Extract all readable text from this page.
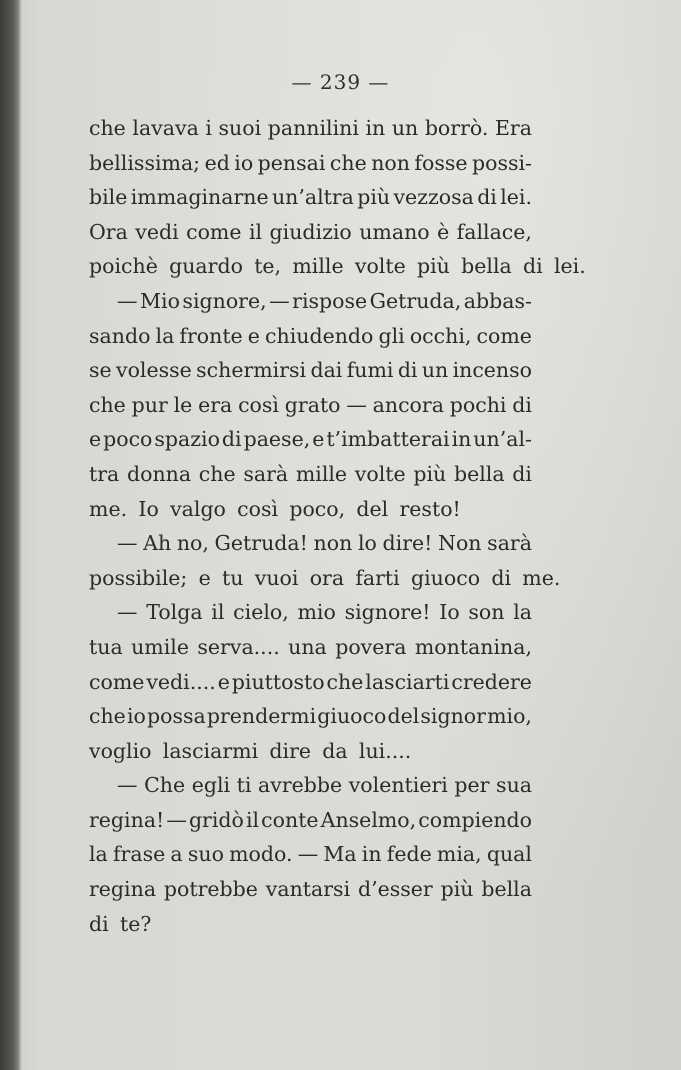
— 239 —
che lavava i suoi pannilini in un borrò. Era
bellissima; ed io pensai che non fosse possi-
bile immaginarne un’altra più vezzosa di lei.
Ora vedi come il giudizio umano è fallace,
poichè guardo te, mille volte più bella di lei.
— Mio signore, — rispose Getruda, abbas-
sando la fronte e chiudendo gli occhi, come
se volesse schermirsi dai fumi di un incenso
che pur le era così grato — ancora pochi di
e poco spazio di paese, e t’imbatterai in un’al-
tra donna che sarà mille volte più bella di
me. Io valgo così poco, del resto!
— Ah no, Getruda! non lo dire! Non sarà
possibile; e tu vuoi ora farti giuoco di me.
— Tolga il cielo, mio signore! Io son la
tua umile serva.... una povera montanina,
come vedi.... e piuttosto che lasciarti credere
che io possa prendermi giuoco del signor mio,
voglio lasciarmi dire da lui....
— Che egli ti avrebbe volentieri per sua
regina! — gridò il conte Anselmo, compiendo
la frase a suo modo. — Ma in fede mia, qual
regina potrebbe vantarsi d’esser più bella
di te?
